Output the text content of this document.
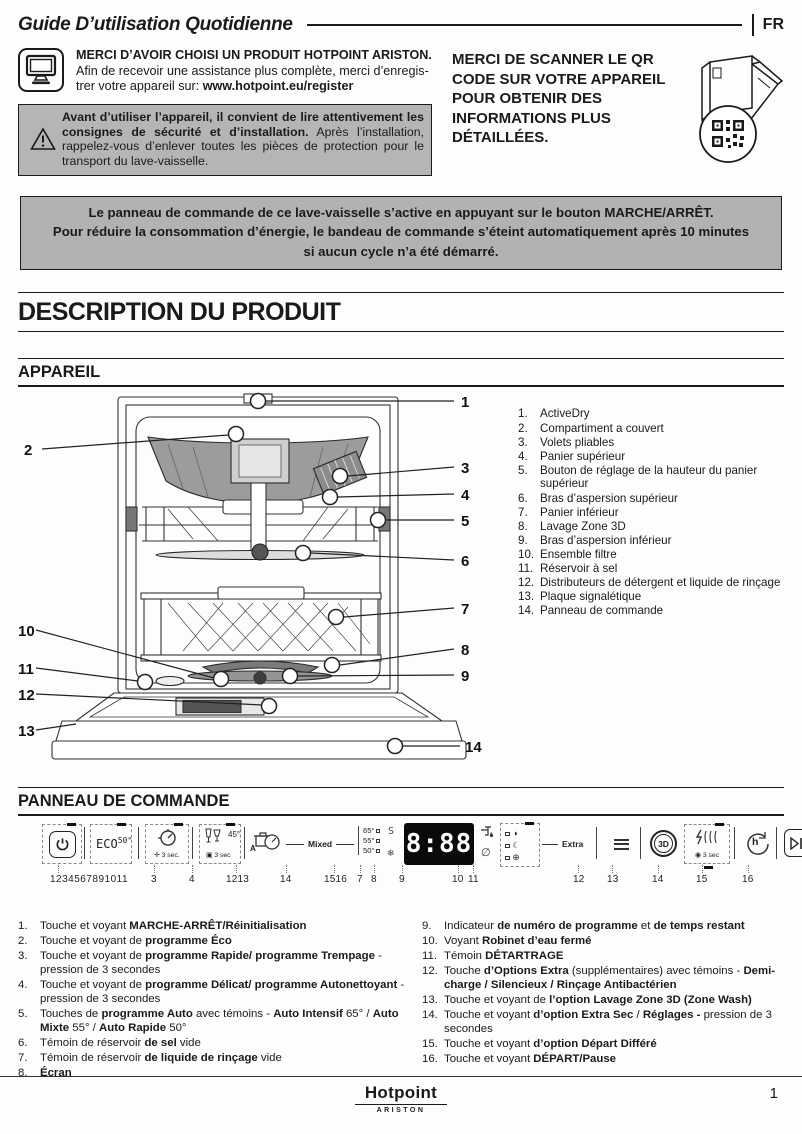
Guide D’utilisation Quotidienne	FR
MERCI D’AVOIR CHOISI UN PRODUIT HOTPOINT ARISTON.
Afin de recevoir une assistance plus complète, merci d’enregis-
trer votre appareil sur: www.hotpoint.eu/register
Avant d’utiliser l’appareil, il convient de lire attentivement les consignes de sécurité et d’installation. Après l’installation, rappelez-vous d’enlever toutes les pièces de protection pour le transport du lave-vaisselle.
MERCI DE SCANNER LE QR CODE SUR VOTRE APPAREIL POUR OBTENIR DES INFORMATIONS PLUS DÉTAILLÉES.
Le panneau de commande de ce lave-vaisselle s’active en appuyant sur le bouton MARCHE/ARRÊT.
Pour réduire la consommation d’énergie, le bandeau de commande s’éteint automatiquement après 10 minutes
si aucun cycle n’a été démarré.
DESCRIPTION DU PRODUIT
APPAREIL
1
2
3
4
5
6
7
8
9
10
11
12
13
14
1.	ActiveDry
2.	Compartiment a couvert
3.	Volets pliables
4.	Panier supérieur
5.	Bouton de réglage de la hauteur du panier supérieur
6.	Bras d’aspersion supérieur
7.	Panier inférieur
8.	Lavage Zone 3D
9.	Bras d’aspersion inférieur
10. Ensemble filtre
11. Réservoir à sel
12. Distributeurs de détergent et liquide de rinçage
13. Plaque signalétique
14. Panneau de commande
PANNEAU DE COMMANDE
$ECO^{50^\circ}$
✛ 3 sec.
45°
▣ 3 sec
A	Mixed
65°
55°
50°
S
❄ 8:88 ∅
◑
☾
⊕
Extra	3D
◉ 3 sec
h
1234567891011 3	4	1213	14	1516 7 8 9	10 11	12 13	14	15	16
1.	Touche et voyant MARCHE-ARRÊT/Réinitialisation
2.	Touche et voyant de programme Éco
3.	Touche et voyant de programme Rapide/ programme Trempage - pression de 3 secondes
4.	Touche et voyant de programme Délicat/ programme Autonettoyant - pression de 3 secondes
5.	Touches de programme Auto avec témoins - Auto Intensif 65° / Auto Mixte 55° / Auto Rapide 50°
6.	Témoin de réservoir de sel vide
7.	Témoin de réservoir de liquide de rinçage vide
8.	Écran
9.	Indicateur de numéro de programme et de temps restant
10. Voyant Robinet d’eau fermé
11. Témoin DÉTARTRAGE
12. Touche d’Options Extra (supplémentaires) avec témoins - Demi-charge / Silencieux / Rinçage Antibactérien
13. Touche et voyant de l’option Lavage Zone 3D (Zone Wash)
14. Touche et voyant d’option Extra Sec / Réglages - pression de 3 secondes
15. Touche et voyant d’option Départ Différé
16. Touche et voyant DÉPART/Pause
Hotpoint
ARISTON
1
